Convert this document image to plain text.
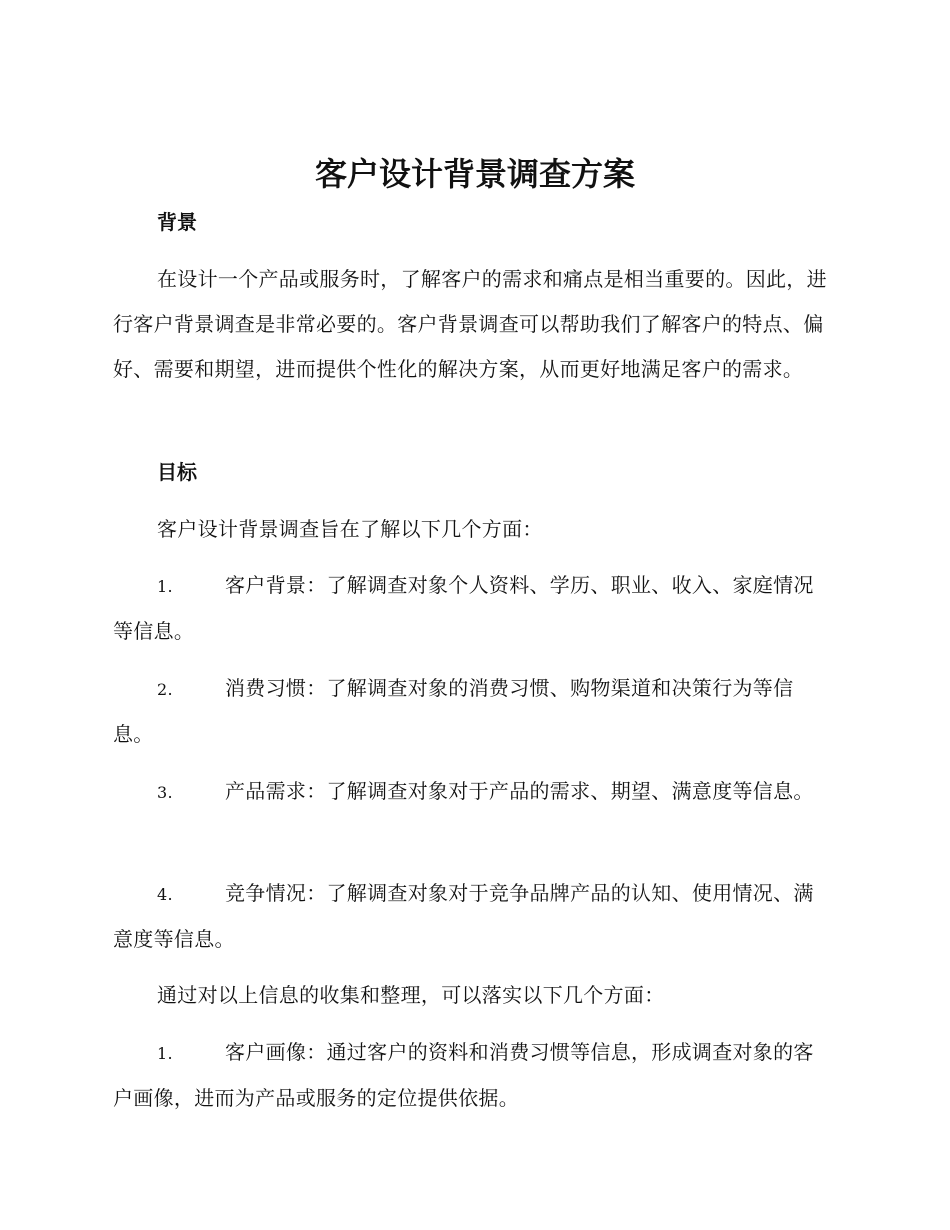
客户设计背景调查方案
背景
在设计一个产品或服务时，了解客户的需求和痛点是相当重要的。因此，进行客户背景调查是非常必要的。客户背景调查可以帮助我们了解客户的特点、偏好、需要和期望，进而提供个性化的解决方案，从而更好地满足客户的需求。
目标
客户设计背景调查旨在了解以下几个方面：
1.	客户背景：了解调查对象个人资料、学历、职业、收入、家庭情况等信息。
2.	消费习惯：了解调查对象的消费习惯、购物渠道和决策行为等信息。
3.	产品需求：了解调查对象对于产品的需求、期望、满意度等信息。
4.	竞争情况：了解调查对象对于竞争品牌产品的认知、使用情况、满意度等信息。
通过对以上信息的收集和整理，可以落实以下几个方面：
1.	客户画像：通过客户的资料和消费习惯等信息，形成调查对象的客户画像，进而为产品或服务的定位提供依据。
